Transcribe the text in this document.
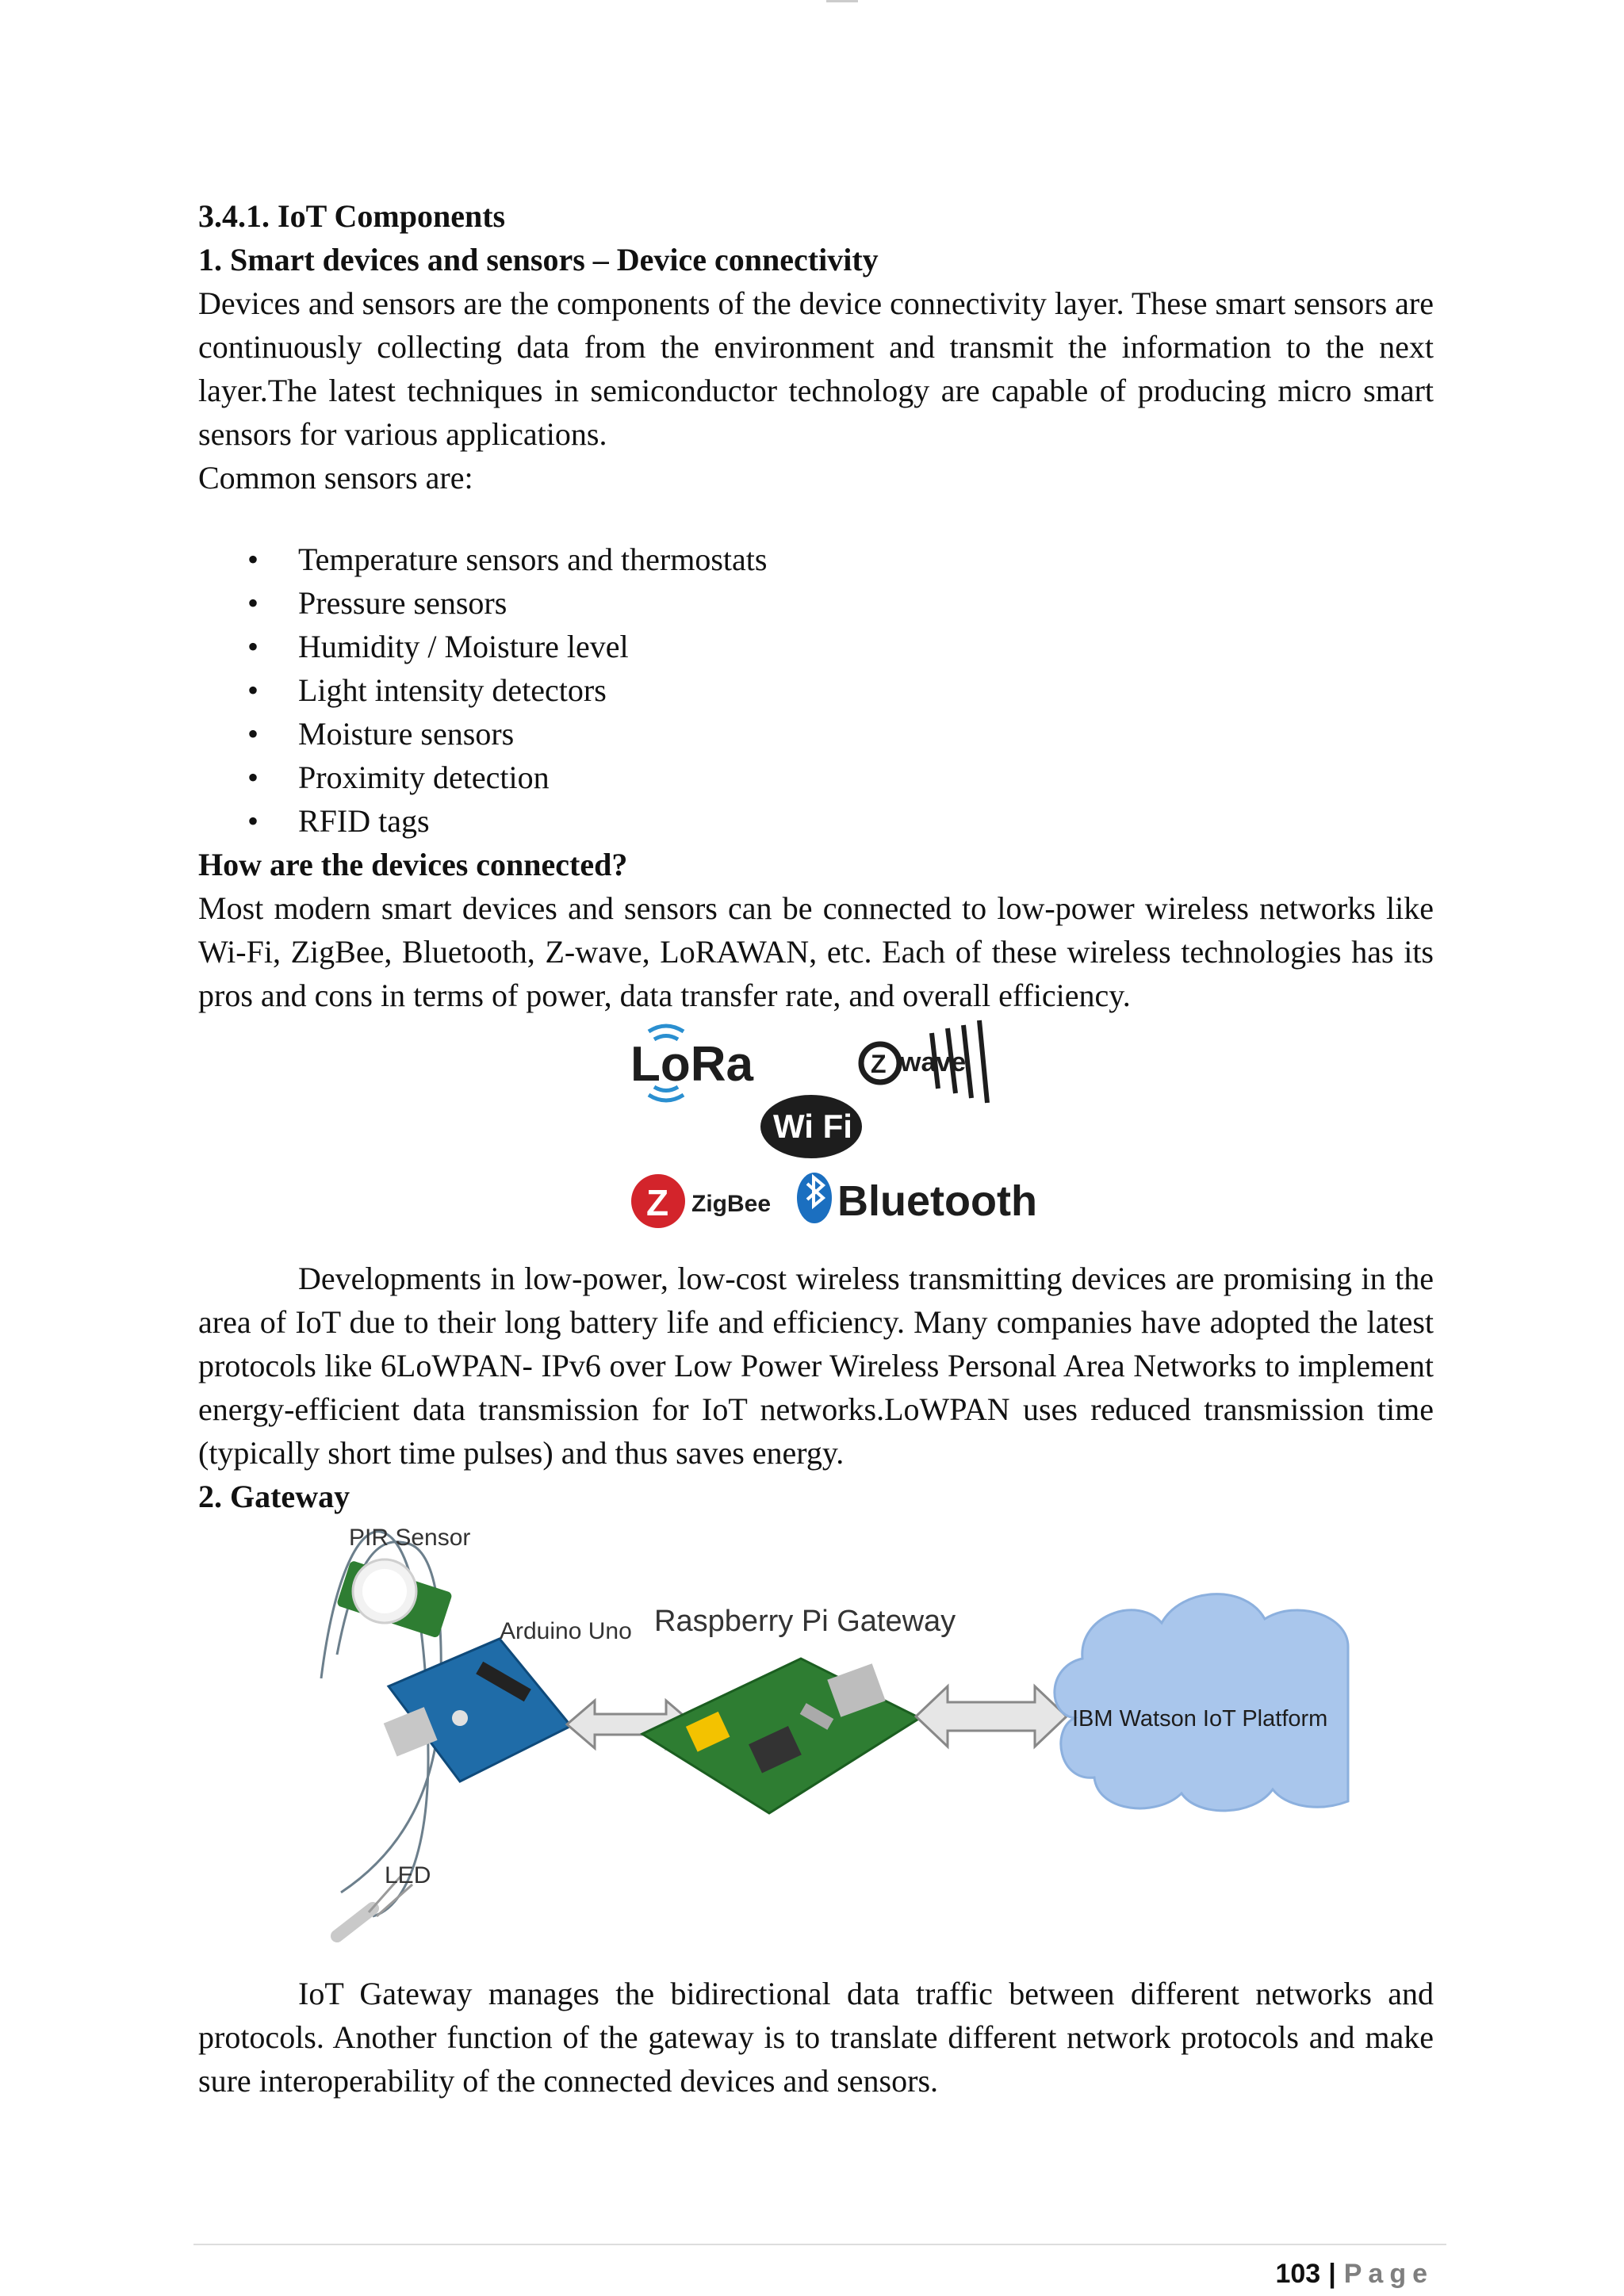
3.4.1. IoT Components
1. Smart devices and sensors – Device connectivity

Devices and sensors are the components of the device connectivity layer. These smart sensors are continuously collecting data from the environment and transmit the information to the next layer.The latest techniques in semiconductor technology are capable of producing micro smart sensors for various applications.

Common sensors are:

• Temperature sensors and thermostats
• Pressure sensors
• Humidity / Moisture level
• Light intensity detectors
• Moisture sensors
• Proximity detection
• RFID tags
How are the devices connected?

Most modern smart devices and sensors can be connected to low-power wireless networks like Wi-Fi, ZigBee, Bluetooth, Z-wave, LoRAWAN, etc. Each of these wireless technologies has its pros and cons in terms of power, data transfer rate, and overall efficiency.

LoRa	Z wave
Wi Fi
Z ZigBee Bluetooth

Developments in low-power, low-cost wireless transmitting devices are promising in the area of IoT due to their long battery life and efficiency. Many companies have adopted the latest protocols like 6LoWPAN- IPv6 over Low Power Wireless Personal Area Networks to implement energy-efficient data transmission for IoT networks.LoWPAN uses reduced transmission time (typically short time pulses) and thus saves energy.

2. Gateway
PIR Sensor
Arduino Uno Raspberry Pi Gateway
IBM Watson IoT Platform
LED

IoT Gateway manages the bidirectional data traffic between different networks and protocols. Another function of the gateway is to translate different network protocols and make sure interoperability of the connected devices and sensors.

103 | Page
